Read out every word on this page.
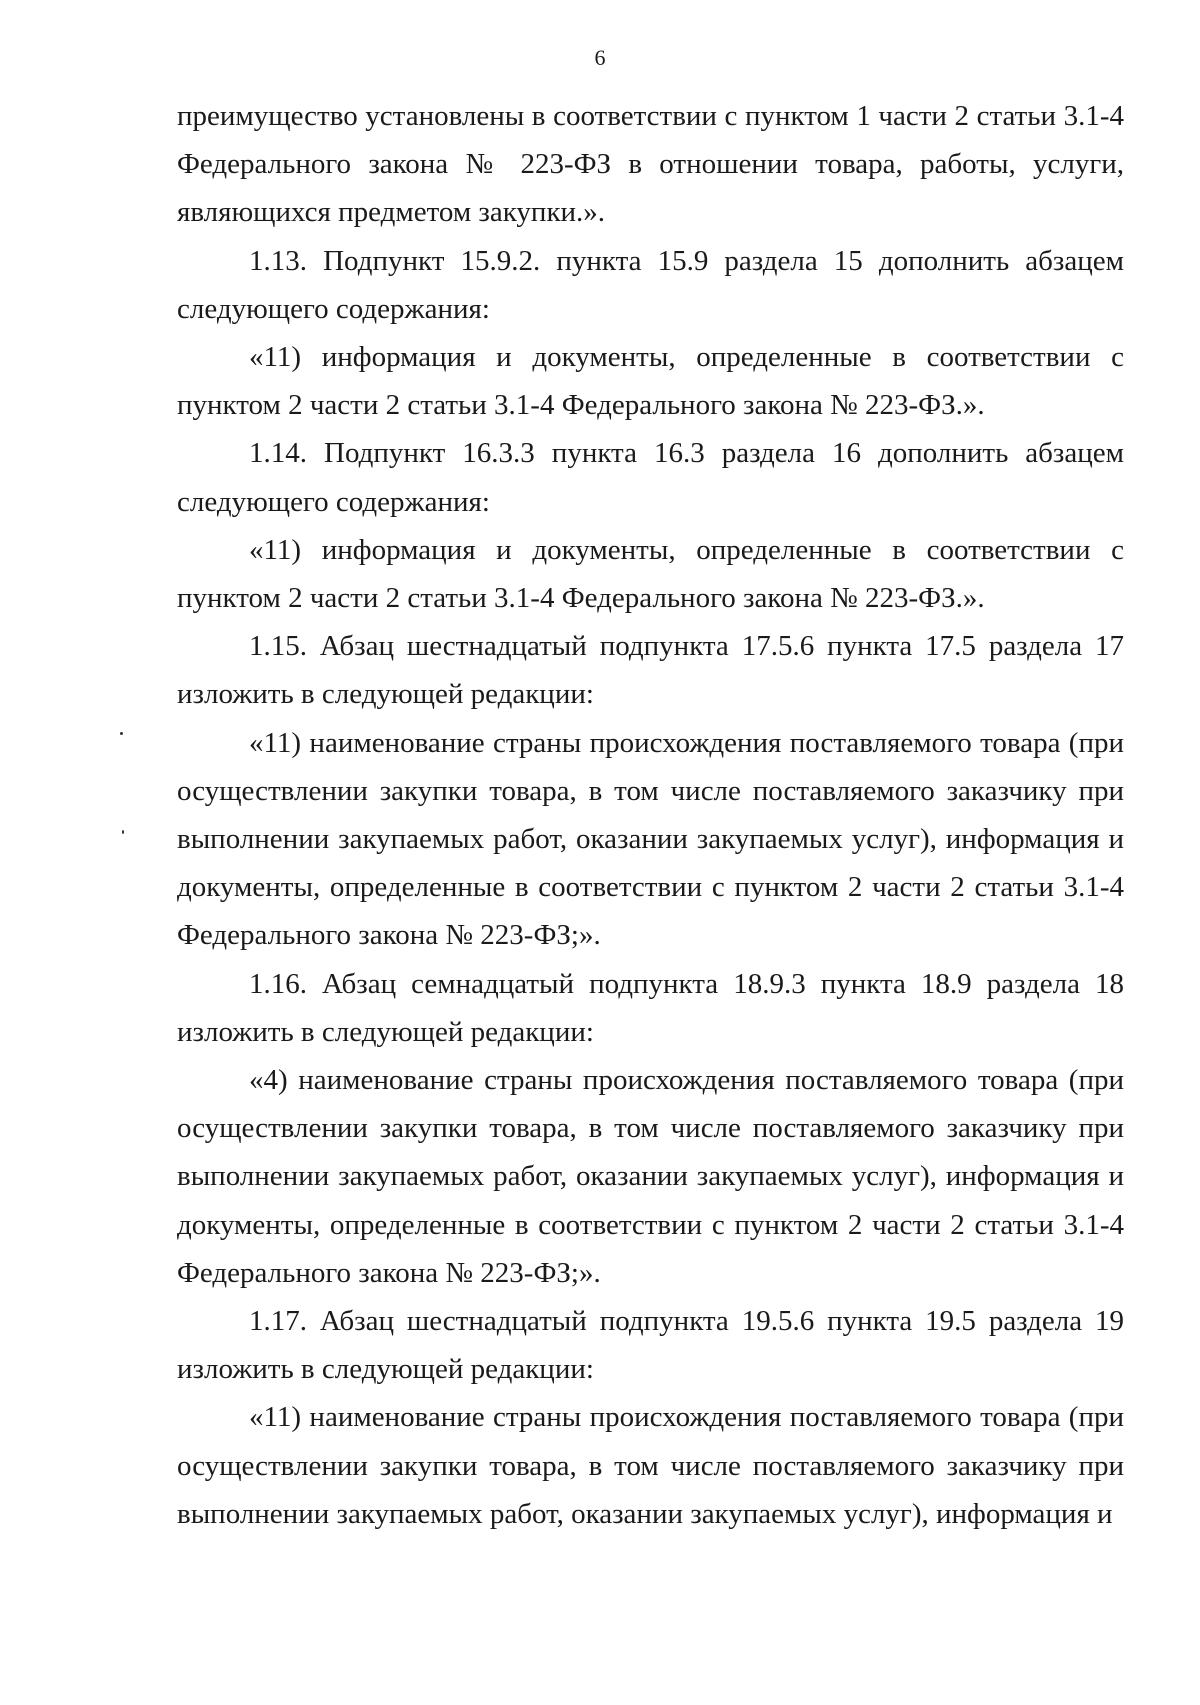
6

преимущество установлены в соответствии с пунктом 1 части 2 статьи 3.1-4 Федерального закона № 223-ФЗ в отношении товара, работы, услуги, являющихся предметом закупки.».

1.13. Подпункт 15.9.2. пункта 15.9 раздела 15 дополнить абзацем следующего содержания:

«11) информация и документы, определенные в соответствии с пунктом 2 части 2 статьи 3.1-4 Федерального закона № 223-ФЗ.».

1.14. Подпункт 16.3.3 пункта 16.3 раздела 16 дополнить абзацем следующего содержания:

«11) информация и документы, определенные в соответствии с пунктом 2 части 2 статьи 3.1-4 Федерального закона № 223-ФЗ.».

1.15. Абзац шестнадцатый подпункта 17.5.6 пункта 17.5 раздела 17 изложить в следующей редакции:

«11) наименование страны происхождения поставляемого товара (при осуществлении закупки товара, в том числе поставляемого заказчику при выполнении закупаемых работ, оказании закупаемых услуг), информация и документы, определенные в соответствии с пунктом 2 части 2 статьи 3.1-4 Федерального закона № 223-ФЗ;».

1.16. Абзац семнадцатый подпункта 18.9.3 пункта 18.9 раздела 18 изложить в следующей редакции:

«4) наименование страны происхождения поставляемого товара (при осуществлении закупки товара, в том числе поставляемого заказчику при выполнении закупаемых работ, оказании закупаемых услуг), информация и документы, определенные в соответствии с пунктом 2 части 2 статьи 3.1-4 Федерального закона № 223-ФЗ;».

1.17. Абзац шестнадцатый подпункта 19.5.6 пункта 19.5 раздела 19 изложить в следующей редакции:

«11) наименование страны происхождения поставляемого товара (при осуществлении закупки товара, в том числе поставляемого заказчику при выполнении закупаемых работ, оказании закупаемых услуг), информация и
